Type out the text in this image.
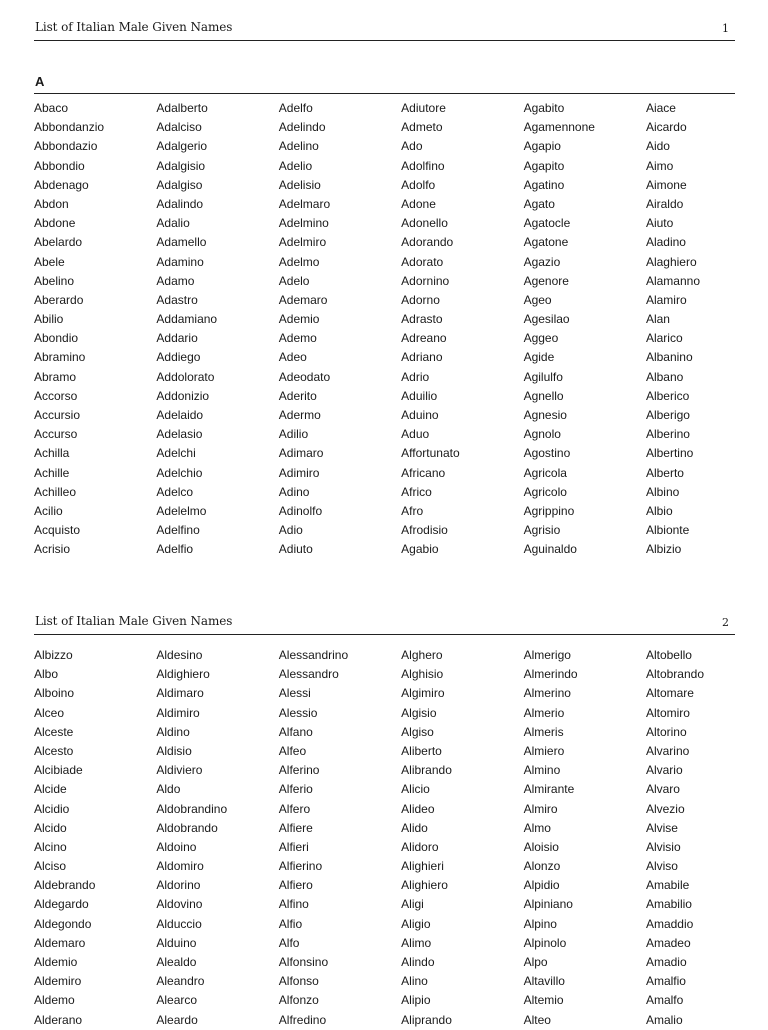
List of Italian Male Given Names	1
A
Abaco
Abbondanzio
Abbondazio
Abbondio
Abdenago
Abdon
Abdone
Abelardo
Abele
Abelino
Aberardo
Abilio
Abondio
Abramino
Abramo
Accorso
Accursio
Accurso
Achilla
Achille
Achilleo
Acilio
Acquisto
Acrisio
Adalberto
Adalciso
Adalgerio
Adalgisio
Adalgiso
Adalindo
Adalio
Adamello
Adamino
Adamo
Adastro
Addamiano
Addario
Addiego
Addolorato
Addonizio
Adelaido
Adelasio
Adelchi
Adelchio
Adelco
Adelelmo
Adelfino
Adelfio
Adelfo
Adelindo
Adelino
Adelio
Adelisio
Adelmaro
Adelmino
Adelmiro
Adelmo
Adelo
Ademaro
Ademio
Ademo
Adeo
Adeodato
Aderito
Adermo
Adilio
Adimaro
Adimiro
Adino
Adinolfo
Adio
Adiuto
Adiutore
Admeto
Ado
Adolfino
Adolfo
Adone
Adonello
Adorando
Adorato
Adornino
Adorno
Adrasto
Adreano
Adriano
Adrio
Aduilio
Aduino
Aduo
Affortunato
Africano
Africo
Afro
Afrodisio
Agabio
Agabito
Agamennone
Agapio
Agapito
Agatino
Agato
Agatocle
Agatone
Agazio
Agenore
Ageo
Agesilao
Aggeo
Agide
Agilulfo
Agnello
Agnesio
Agnolo
Agostino
Agricola
Agricolo
Agrippino
Agrisio
Aguinaldo
Aiace
Aicardo
Aido
Aimo
Aimone
Airaldo
Aiuto
Aladino
Alaghiero
Alamanno
Alamiro
Alan
Alarico
Albanino
Albano
Alberico
Alberigo
Alberino
Albertino
Alberto
Albino
Albio
Albionte
Albizio
List of Italian Male Given Names	2
Albizzo
Albo
Alboino
Alceo
Alceste
Alcesto
Alcibiade
Alcide
Alcidio
Alcido
Alcino
Alciso
Aldebrando
Aldegardo
Aldegondo
Aldemaro
Aldemio
Aldemiro
Aldemo
Alderano
Aldesino
Aldighiero
Aldimaro
Aldimiro
Aldino
Aldisio
Aldiviero
Aldo
Aldobrandino
Aldobrando
Aldoino
Aldomiro
Aldorino
Aldovino
Alduccio
Alduino
Alealdo
Aleandro
Alearco
Aleardo
Alessandrino
Alessandro
Alessi
Alessio
Alfano
Alfeo
Alferino
Alferio
Alfero
Alfiere
Alfieri
Alfierino
Alfiero
Alfino
Alfio
Alfo
Alfonsino
Alfonso
Alfonzo
Alfredino
Alghero
Alghisio
Algimiro
Algisio
Algiso
Aliberto
Alibrando
Alicio
Alideo
Alido
Alidoro
Alighieri
Alighiero
Aligi
Aligio
Alimo
Alindo
Alino
Alipio
Aliprando
Almerigo
Almerindo
Almerino
Almerio
Almeris
Almiero
Almino
Almirante
Almiro
Almo
Aloisio
Alonzo
Alpidio
Alpiniano
Alpino
Alpinolo
Alpo
Altavillo
Altemio
Alteo
Altobello
Altobrando
Altomare
Altomiro
Altorino
Alvarino
Alvario
Alvaro
Alvezio
Alvise
Alvisio
Alviso
Amabile
Amabilio
Amaddio
Amadeo
Amadio
Amalfio
Amalfo
Amalio
